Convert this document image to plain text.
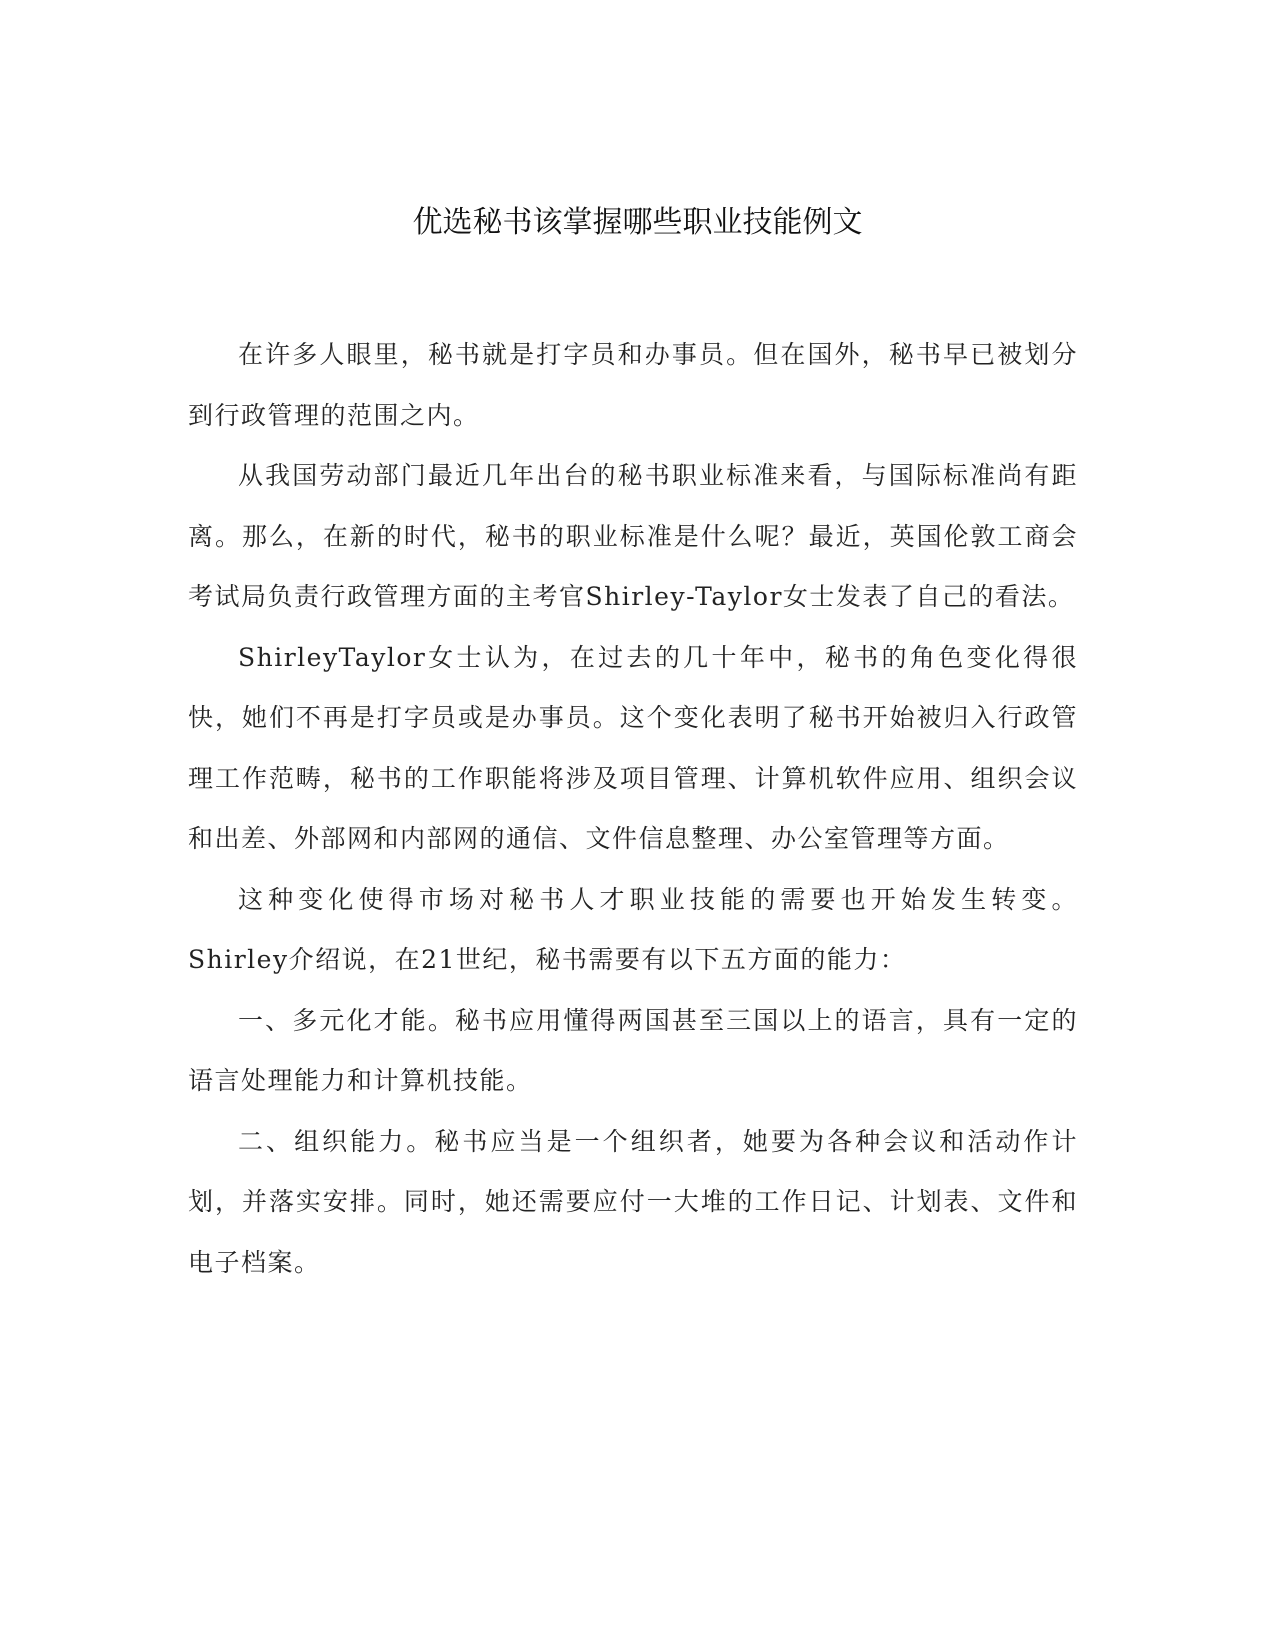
优选秘书该掌握哪些职业技能例文

在许多人眼里，秘书就是打字员和办事员。但在国外，秘书早已被划分到行政管理的范围之内。

从我国劳动部门最近几年出台的秘书职业标准来看，与国际标准尚有距离。那么，在新的时代，秘书的职业标准是什么呢？最近，英国伦敦工商会考试局负责行政管理方面的主考官Shirley-Taylor女士发表了自己的看法。

ShirleyTaylor女士认为，在过去的几十年中，秘书的角色变化得很快，她们不再是打字员或是办事员。这个变化表明了秘书开始被归入行政管理工作范畴，秘书的工作职能将涉及项目管理、计算机软件应用、组织会议和出差、外部网和内部网的通信、文件信息整理、办公室管理等方面。

这种变化使得市场对秘书人才职业技能的需要也开始发生转变。Shirley介绍说，在21世纪，秘书需要有以下五方面的能力：

一、多元化才能。秘书应用懂得两国甚至三国以上的语言，具有一定的语言处理能力和计算机技能。

二、组织能力。秘书应当是一个组织者，她要为各种会议和活动作计划，并落实安排。同时，她还需要应付一大堆的工作日记、计划表、文件和电子档案。
